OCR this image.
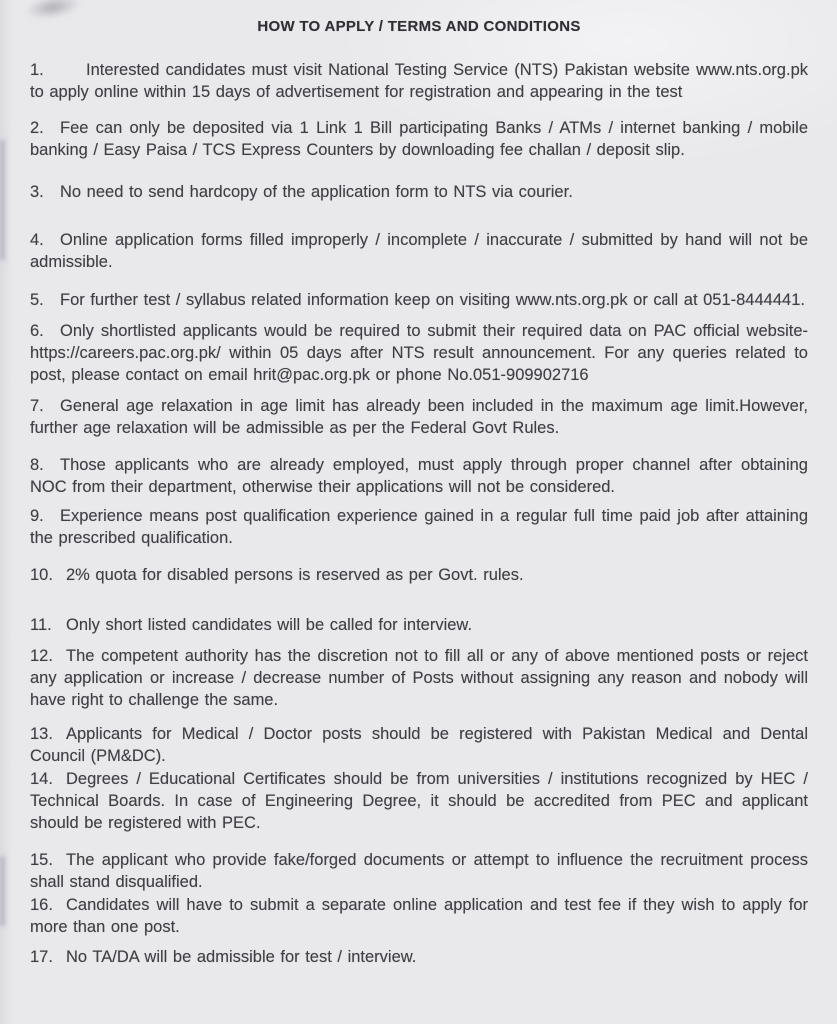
HOW TO APPLY / TERMS AND CONDITIONS

1.	Interested candidates must visit National Testing Service (NTS) Pakistan website www.nts.org.pk to apply online within 15 days of advertisement for registration and appearing in the test

2. Fee can only be deposited via 1 Link 1 Bill participating Banks / ATMs / internet banking / mobile banking / Easy Paisa / TCS Express Counters by downloading fee challan / deposit slip.

3. No need to send hardcopy of the application form to NTS via courier.

4. Online application forms filled improperly / incomplete / inaccurate / submitted by hand will not be admissible.

5. For further test / syllabus related information keep on visiting www.nts.org.pk or call at 051-8444441.

6. Only shortlisted applicants would be required to submit their required data on PAC official website- https://careers.pac.org.pk/ within 05 days after NTS result announcement. For any queries related to post, please contact on email hrit@pac.org.pk or phone No.051-909902716

7. General age relaxation in age limit has already been included in the maximum age limit.However, further age relaxation will be admissible as per the Federal Govt Rules.

8. Those applicants who are already employed, must apply through proper channel after obtaining NOC from their department, otherwise their applications will not be considered.

9. Experience means post qualification experience gained in a regular full time paid job after attaining the prescribed qualification.

10. 2% quota for disabled persons is reserved as per Govt. rules.

11. Only short listed candidates will be called for interview.

12. The competent authority has the discretion not to fill all or any of above mentioned posts or reject any application or increase / decrease number of Posts without assigning any reason and nobody will have right to challenge the same.

13. Applicants for Medical / Doctor posts should be registered with Pakistan Medical and Dental Council (PM&DC).

14. Degrees / Educational Certificates should be from universities / institutions recognized by HEC / Technical Boards. In case of Engineering Degree, it should be accredited from PEC and applicant should be registered with PEC.

15. The applicant who provide fake/forged documents or attempt to influence the recruitment process shall stand disqualified.

16. Candidates will have to submit a separate online application and test fee if they wish to apply for more than one post.

17. No TA/DA will be admissible for test / interview.
